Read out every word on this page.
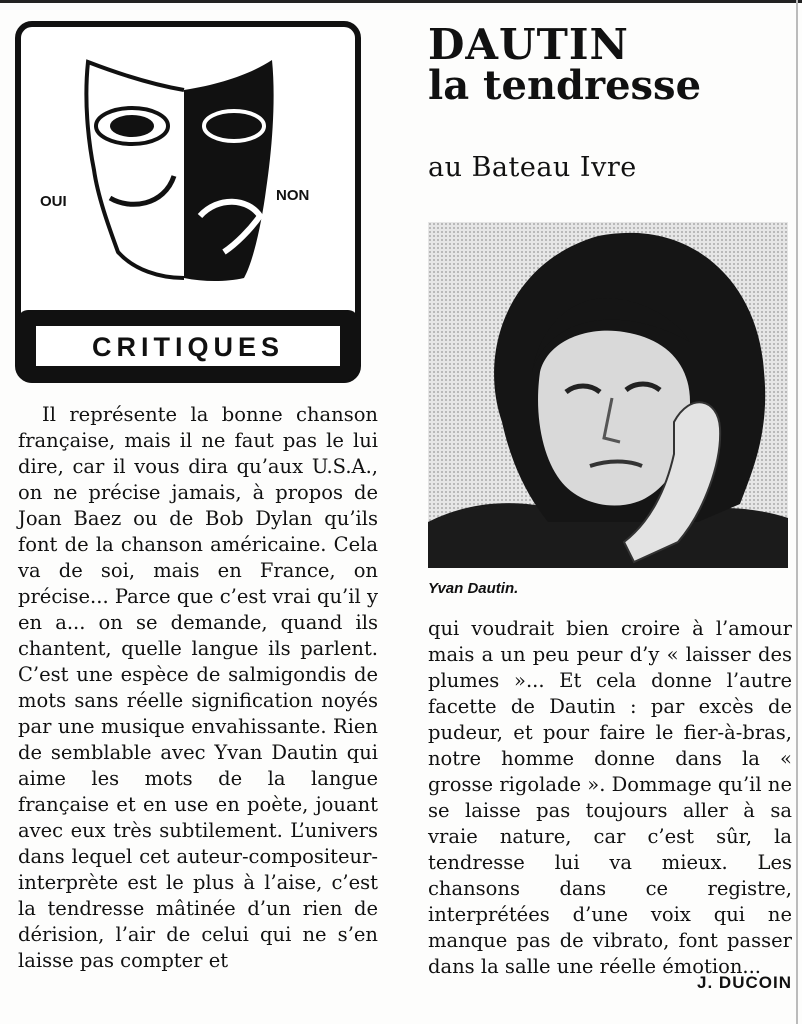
OUI	NON
CRITIQUES
DAUTIN
la tendresse
au Bateau Ivre
Yvan Dautin.

Il représente la bonne chanson française, mais il ne faut pas le lui dire, car il vous dira qu’aux U.S.A., on ne précise jamais, à propos de Joan Baez ou de Bob Dylan qu’ils font de la chanson américaine. Cela va de soi, mais en France, on précise... Parce que c’est vrai qu’il y en a... on se demande, quand ils chantent, quelle langue ils parlent. C’est une espèce de salmigondis de mots sans réelle signification noyés par une musique envahissante. Rien de semblable avec Yvan Dautin qui aime les mots de la langue française et en use en poète, jouant avec eux très subtilement. L’univers dans lequel cet auteur-compositeur-interprète est le plus à l’aise, c’est la tendresse mâtinée d’un rien de dérision, l’air de celui qui ne s’en laisse pas compter et

qui voudrait bien croire à l’amour mais a un peu peur d’y « laisser des plumes »... Et cela donne l’autre facette de Dautin : par excès de pudeur, et pour faire le fier-à-bras, notre homme donne dans la « grosse rigolade ». Dommage qu’il ne se laisse pas toujours aller à sa vraie nature, car c’est sûr, la tendresse lui va mieux. Les chansons dans ce registre, interprétées d’une voix qui ne manque pas de vibrato, font passer dans la salle une réelle émotion...

J. DUCOIN
